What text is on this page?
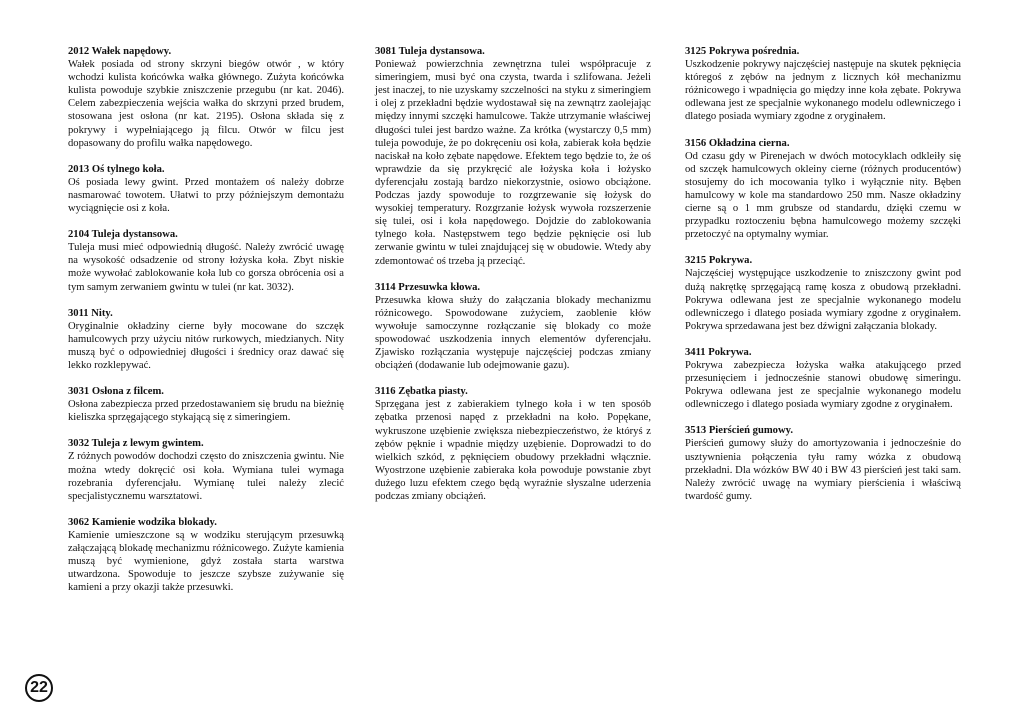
2012 Wałek napędowy.

Wałek posiada od strony skrzyni biegów otwór , w który wchodzi kulista końcówka wałka głównego. Zużyta końcówka kulista powoduje szybkie zniszczenie przegubu (nr kat. 2046). Celem zabezpieczenia wejścia wałka do skrzyni przed brudem, stosowana jest osłona (nr kat. 2195). Osłona składa się z pokrywy i wypełniającego ją filcu. Otwór w filcu jest dopasowany do profilu wałka napędowego.

2013 Oś tylnego koła.

Oś posiada lewy gwint. Przed montażem oś należy dobrze nasmarować towotem. Ułatwi to przy późniejszym demontażu wyciągnięcie osi z koła.

2104 Tuleja dystansowa.

Tuleja musi mieć odpowiednią długość. Należy zwrócić uwagę na wysokość odsadzenie od strony łożyska koła. Zbyt niskie może wywołać zablokowanie koła lub co gorsza obrócenia osi a tym samym zerwaniem gwintu w tulei (nr kat. 3032).

3011 Nity.

Oryginalnie okładziny cierne były mocowane do szczęk hamulcowych przy użyciu nitów rurkowych, miedzianych. Nity muszą być o odpowiedniej długości i średnicy oraz dawać się lekko rozklepywać.

3031 Osłona z filcem.

Osłona zabezpiecza przed przedostawaniem się brudu na bieżnię kieliszka sprzęgającego stykającą się z simeringiem.

3032 Tuleja z lewym gwintem.

Z różnych powodów dochodzi często do zniszczenia gwintu. Nie można wtedy dokręcić osi koła. Wymiana tulei wymaga rozebrania dyferencjału. Wymianę tulei należy zlecić specjalistycznemu warsztatowi.

3062 Kamienie wodzika blokady.

Kamienie umieszczone są w wodziku sterującym przesuwką załączającą blokadę mechanizmu różnicowego. Zużyte kamienia muszą być wymienione, gdyż została starta warstwa utwardzona. Spowoduje to jeszcze szybsze zużywanie się kamieni a przy okazji także przesuwki.

3081 Tuleja dystansowa.

Ponieważ powierzchnia zewnętrzna tulei współpracuje z simeringiem, musi być ona czysta, twarda i szlifowana. Jeżeli jest inaczej, to nie uzyskamy szczelności na styku z simeringiem i olej z przekładni będzie wydostawał się na zewnątrz zaolejając między innymi szczęki hamulcowe. Także utrzymanie właściwej długości tulei jest bardzo ważne. Za krótka (wystarczy 0,5 mm) tuleja powoduje, że po dokręceniu osi koła, zabierak koła będzie naciskał na koło zębate napędowe. Efektem tego będzie to, że oś wprawdzie da się przykręcić ale łożyska koła i łożysko dyferencjału zostają bardzo niekorzystnie, osiowo obciążone. Podczas jazdy spowoduje to rozgrzewanie się łożysk do wysokiej temperatury. Rozgrzanie łożysk wywoła rozszerzenie się tulei, osi i koła napędowego. Dojdzie do zablokowania tylnego koła. Następstwem tego będzie pęknięcie osi lub zerwanie gwintu w tulei znajdującej się w obudowie. Wtedy aby zdemontować oś trzeba ją przeciąć.

3114 Przesuwka kłowa.

Przesuwka kłowa służy do załączania blokady mechanizmu różnicowego. Spowodowane zużyciem, zaoblenie kłów wywołuje samoczynne rozłączanie się blokady co może spowodować uszkodzenia innych elementów dyferencjału. Zjawisko rozłączania występuje najczęściej podczas zmiany obciążeń (dodawanie lub odejmowanie gazu).

3116 Zębatka piasty.

Sprzęgana jest z zabierakiem tylnego koła i w ten sposób zębatka przenosi napęd z przekładni na koło. Popękane, wykruszone uzębienie zwiększa niebezpieczeństwo, że któryś z zębów pęknie i wpadnie między uzębienie. Doprowadzi to do wielkich szkód, z pęknięciem obudowy przekładni włącznie. Wyostrzone uzębienie zabieraka koła powoduje powstanie zbyt dużego luzu efektem czego będą wyraźnie słyszalne uderzenia podczas zmiany obciążeń.

3125 Pokrywa pośrednia.

Uszkodzenie pokrywy najczęściej następuje na skutek pęknięcia któregoś z zębów na jednym z licznych kół mechanizmu różnicowego i wpadnięcia go między inne koła zębate. Pokrywa odlewana jest ze specjalnie wykonanego modelu odlewniczego i dlatego posiada wymiary zgodne z oryginałem.

3156 Okładzina cierna.

Od czasu gdy w Pirenejach w dwóch motocyklach odkleiły się od szczęk hamulcowych okleiny cierne (różnych producentów) stosujemy do ich mocowania tylko i wyłącznie nity. Bęben hamulcowy w kole ma standardowo 250 mm. Nasze okładziny cierne są o 1 mm grubsze od standardu, dzięki czemu w przypadku roztoczeniu bębna hamulcowego możemy szczęki przetoczyć na optymalny wymiar.

3215 Pokrywa.

Najczęściej występujące uszkodzenie to zniszczony gwint pod dużą nakrętkę sprzęgającą ramę kosza z obudową przekładni. Pokrywa odlewana jest ze specjalnie wykonanego modelu odlewniczego i dlatego posiada wymiary zgodne z oryginałem. Pokrywa sprzedawana jest bez dźwigni załączania blokady.

3411 Pokrywa.

Pokrywa zabezpiecza łożyska wałka atakującego przed przesunięciem i jednocześnie stanowi obudowę simeringu. Pokrywa odlewana jest ze specjalnie wykonanego modelu odlewniczego i dlatego posiada wymiary zgodne z oryginałem.

3513 Pierścień gumowy.

Pierścień gumowy służy do amortyzowania i jednocześnie do usztywnienia połączenia tyłu ramy wózka z obudową przekładni. Dla wózków BW 40 i BW 43 pierścień jest taki sam. Należy zwrócić uwagę na wymiary pierścienia i właściwą twardość gumy.

22
